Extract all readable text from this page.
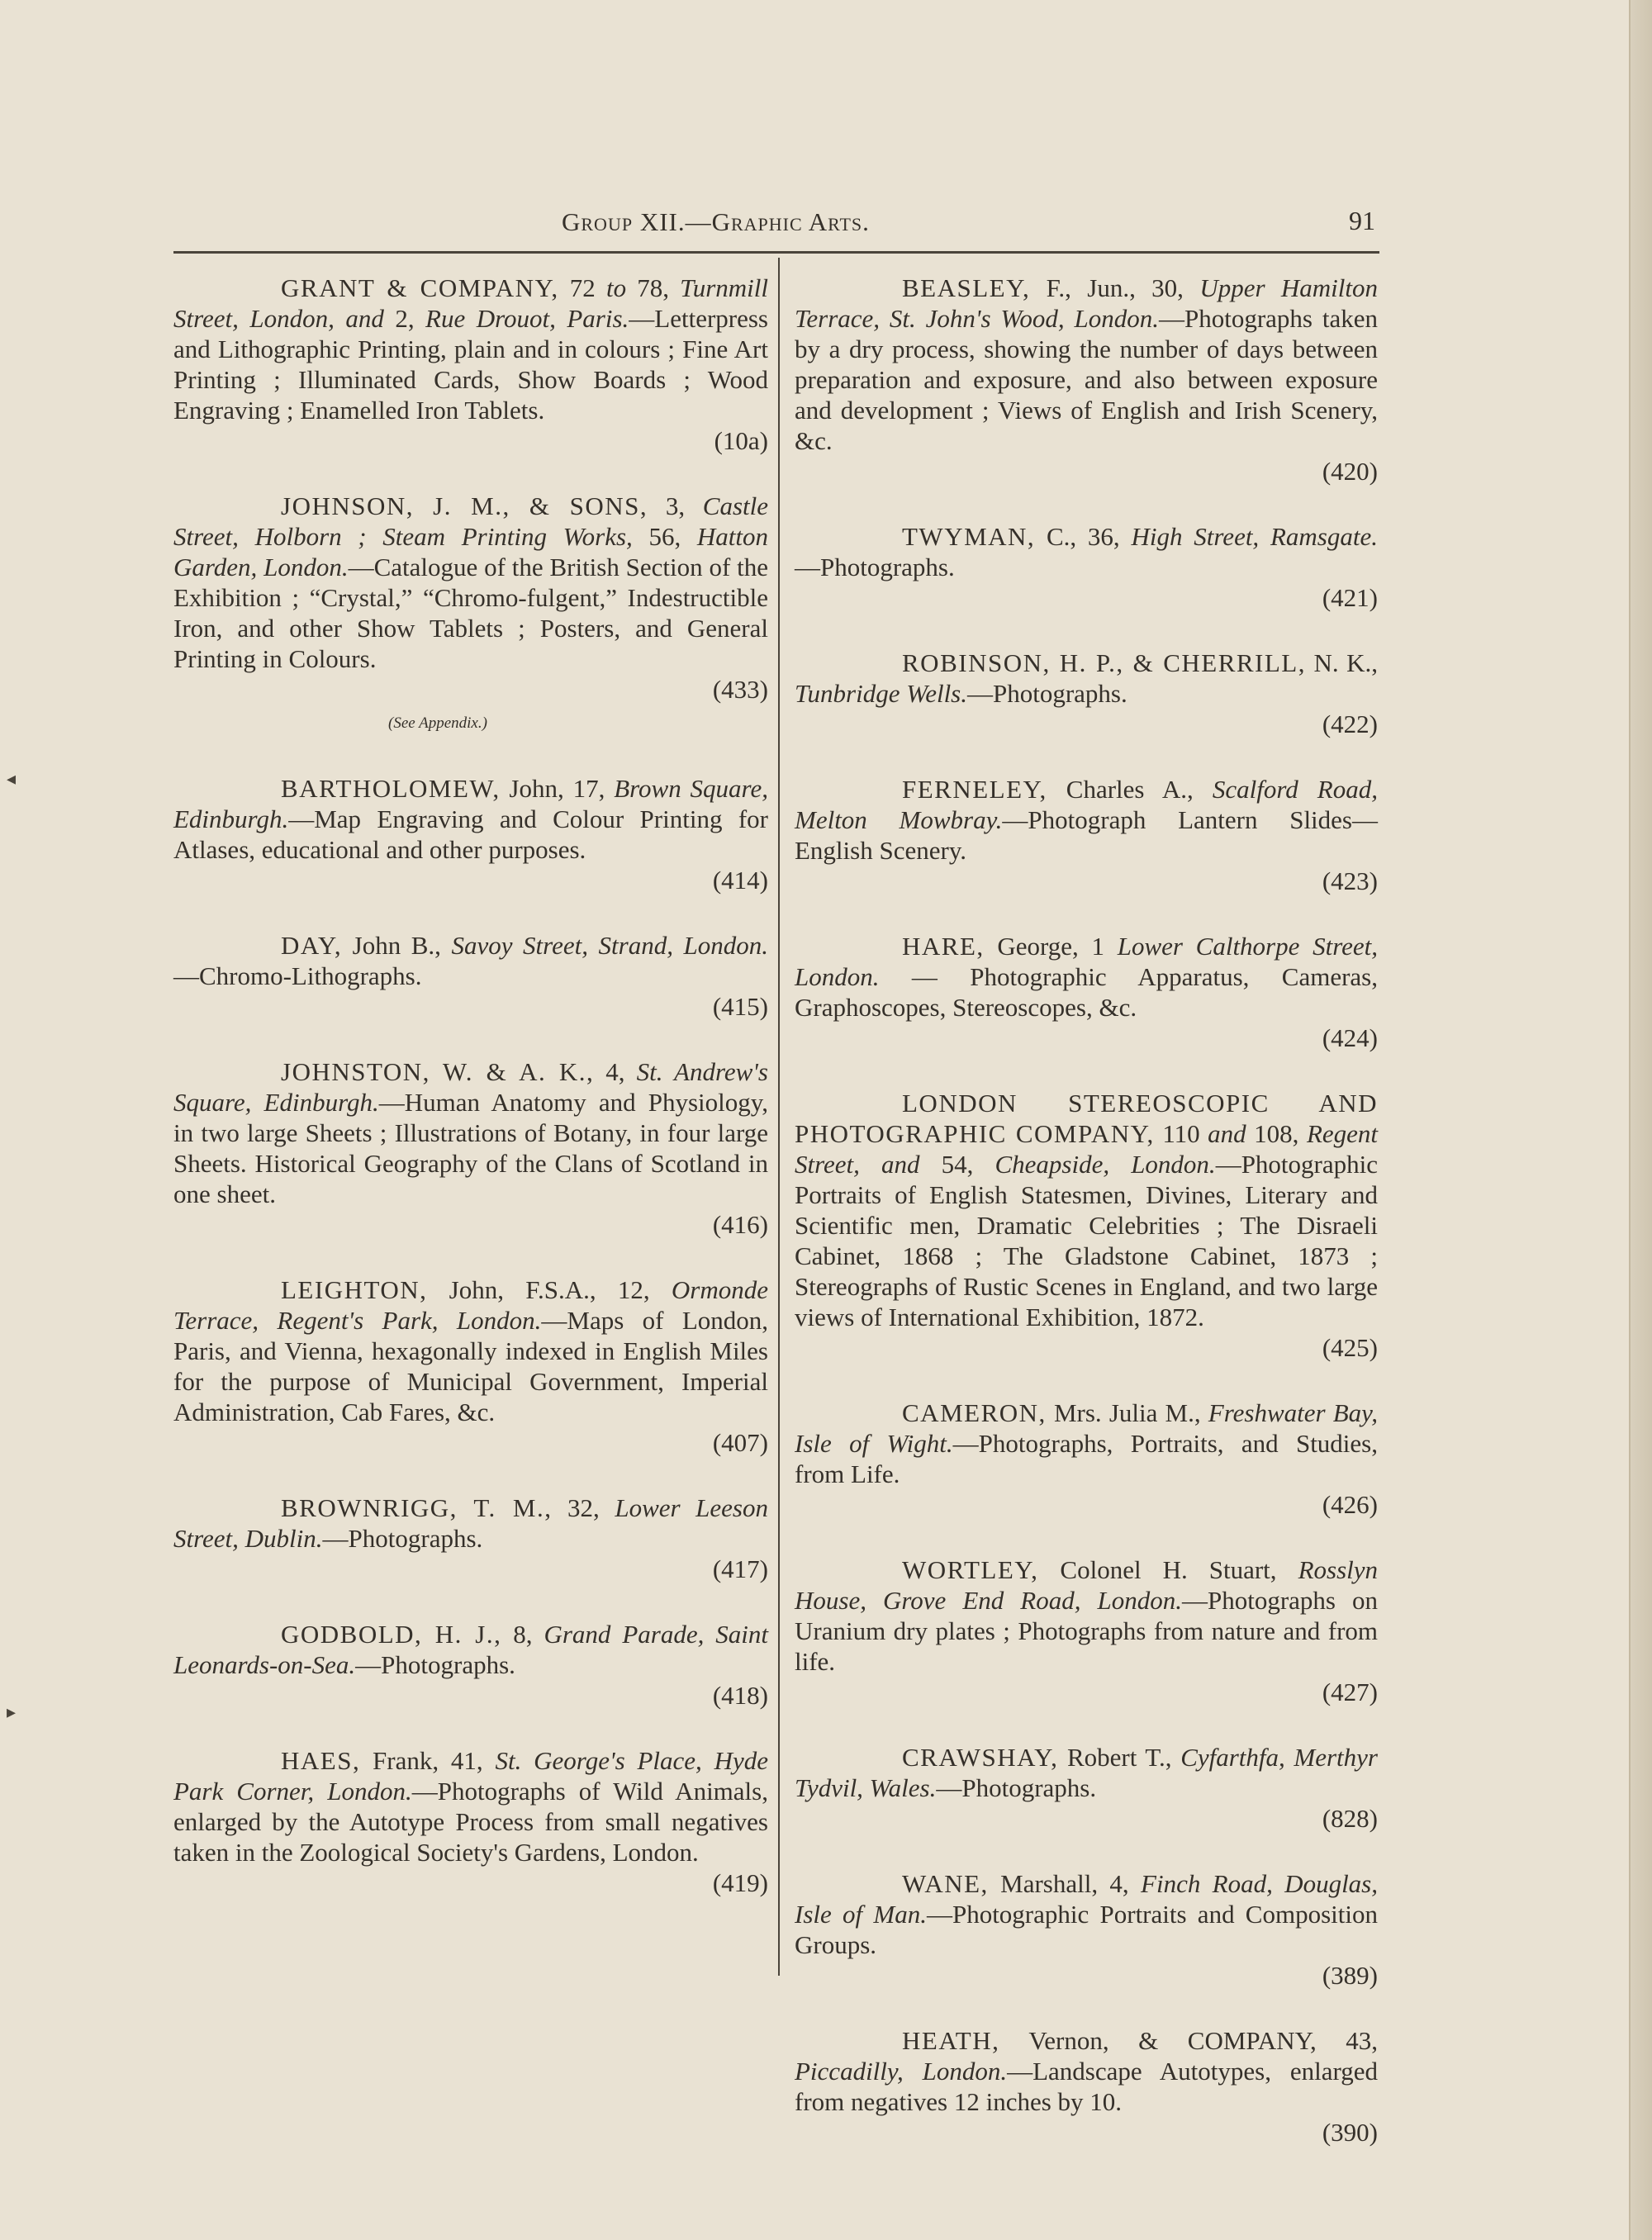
Group XII.—Graphic Arts.	91
◂
▸

GRANT & COMPANY, 72 to 78, Turnmill Street, London, and 2, Rue Drouot, Paris.—Letterpress and Lithographic Printing, plain and in colours ; Fine Art Printing ; Illuminated Cards, Show Boards ; Wood Engraving ; Enamelled Iron Tablets.
(10a)

JOHNSON, J. M., & SONS, 3, Castle Street, Holborn ; Steam Printing Works, 56, Hatton Garden, London.—Catalogue of the British Section of the Exhibition ; “Crystal,” “Chromo-fulgent,” Indestructible Iron, and other Show Tablets ; Posters, and General Printing in Colours.
(433)

(See Appendix.)

BARTHOLOMEW, John, 17, Brown Square, Edinburgh.—Map Engraving and Colour Printing for Atlases, educational and other purposes.
(414)

DAY, John B., Savoy Street, Strand, London.—Chromo-Lithographs.
(415)

JOHNSTON, W. & A. K., 4, St. Andrew's Square, Edinburgh.—Human Anatomy and Physiology, in two large Sheets ; Illustrations of Botany, in four large Sheets. Historical Geography of the Clans of Scotland in one sheet.
(416)

LEIGHTON, John, F.S.A., 12, Ormonde Terrace, Regent's Park, London.—Maps of London, Paris, and Vienna, hexagonally indexed in English Miles for the purpose of Municipal Government, Imperial Administration, Cab Fares, &c.
(407)

BROWNRIGG, T. M., 32, Lower Leeson Street, Dublin.—Photographs.
(417)

GODBOLD, H. J., 8, Grand Parade, Saint Leonards-on-Sea.—Photographs.
(418)

HAES, Frank, 41, St. George's Place, Hyde Park Corner, London.—Photographs of Wild Animals, enlarged by the Autotype Process from small negatives taken in the Zoological Society's Gardens, London.
(419)

BEASLEY, F., Jun., 30, Upper Hamilton Terrace, St. John's Wood, London.—Photographs taken by a dry process, showing the number of days between preparation and exposure, and also between exposure and development ; Views of English and Irish Scenery, &c.
(420)

TWYMAN, C., 36, High Street, Ramsgate.—Photographs.
(421)

ROBINSON, H. P., & CHERRILL, N. K., Tunbridge Wells.—Photographs.
(422)

FERNELEY, Charles A., Scalford Road, Melton Mowbray.—Photograph Lantern Slides—English Scenery.
(423)

HARE, George, 1 Lower Calthorpe Street, London. — Photographic Apparatus, Cameras, Graphoscopes, Stereoscopes, &c.
(424)

LONDON STEREOSCOPIC AND PHOTOGRAPHIC COMPANY, 110 and 108, Regent Street, and 54, Cheapside, London.—Photographic Portraits of English Statesmen, Divines, Literary and Scientific men, Dramatic Celebrities ; The Disraeli Cabinet, 1868 ; The Gladstone Cabinet, 1873 ; Stereographs of Rustic Scenes in England, and two large views of International Exhibition, 1872.
(425)

CAMERON, Mrs. Julia M., Freshwater Bay, Isle of Wight.—Photographs, Portraits, and Studies, from Life.
(426)

WORTLEY, Colonel H. Stuart, Rosslyn House, Grove End Road, London.—Photographs on Uranium dry plates ; Photographs from nature and from life.
(427)

CRAWSHAY, Robert T., Cyfarthfa, Merthyr Tydvil, Wales.—Photographs.
(828)

WANE, Marshall, 4, Finch Road, Douglas, Isle of Man.—Photographic Portraits and Composition Groups.
(389)

HEATH, Vernon, & COMPANY, 43, Piccadilly, London.—Landscape Autotypes, enlarged from negatives 12 inches by 10.
(390)
